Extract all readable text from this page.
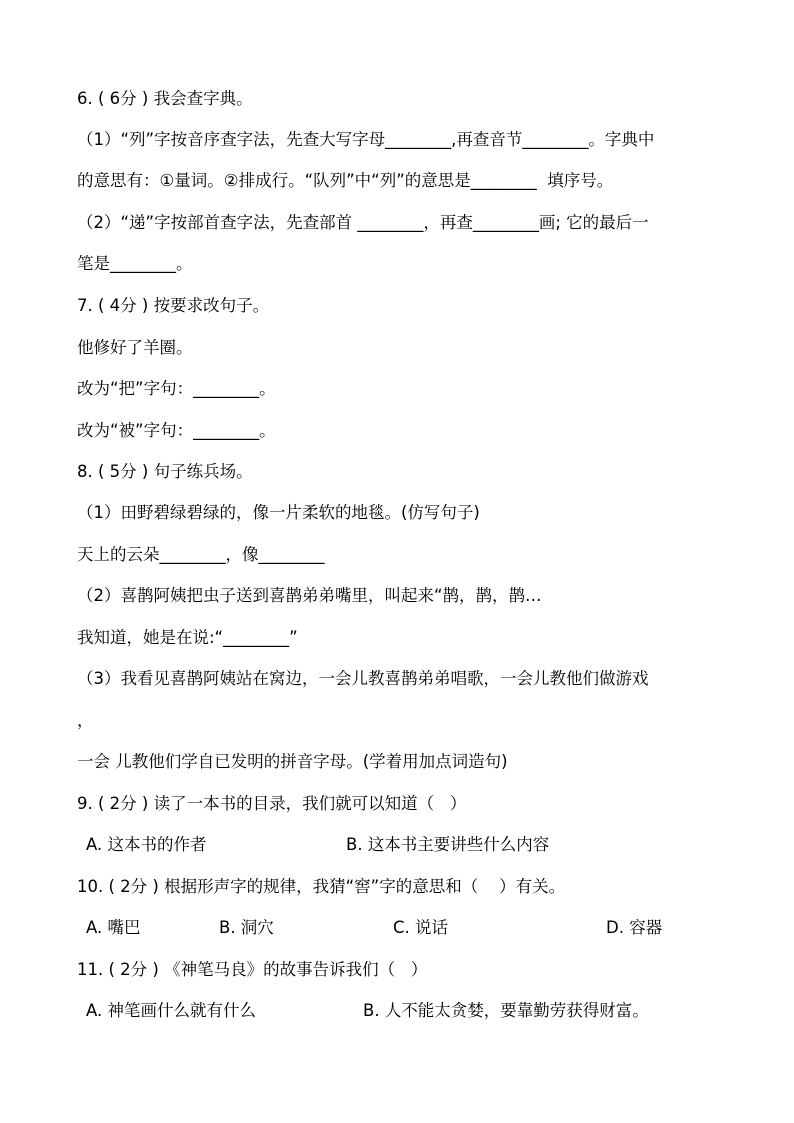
6. ( 6分 ) 我会查字典。
（1）“列”字按音序查字法，先查大写字母________,再查音节________。字典中
的意思有：①量词。②排成行。“队列”中“列”的意思是________  填序号。
（2）“递”字按部首查字法，先查部首 ________，再查________画; 它的最后一
笔是________。
7. ( 4分 ) 按要求改句子。
他修好了羊圈。
改为“把”字句：________。
改为“被”字句：________。
8. ( 5分 ) 句子练兵场。
（1）田野碧绿碧绿的，像一片柔软的地毯。(仿写句子)
天上的云朵________，像________
（2）喜鹊阿姨把虫子送到喜鹊弟弟嘴里，叫起来“鹊，鹊，鹊…
我知道，她是在说:“________”
（3）我看见喜鹊阿姨站在窝边，一会儿教喜鹊弟弟唱歌，一会儿教他们做游戏
，
一会 儿教他们学自已发明的拼音字母。(学着用加点词造句)
9. ( 2分 ) 读了一本书的目录，我们就可以知道（   ）
A. 这本书的作者	B. 这本书主要讲些什么内容
10. ( 2分 ) 根据形声字的规律，我猜“窖”字的意思和（    ）有关。
A. 嘴巴	B. 洞穴	C. 说话	D. 容器
11. ( 2分 ) 《神笔马良》的故事告诉我们（   ）
A. 神笔画什么就有什么	B. 人不能太贪婪，要靠勤劳获得财富。
